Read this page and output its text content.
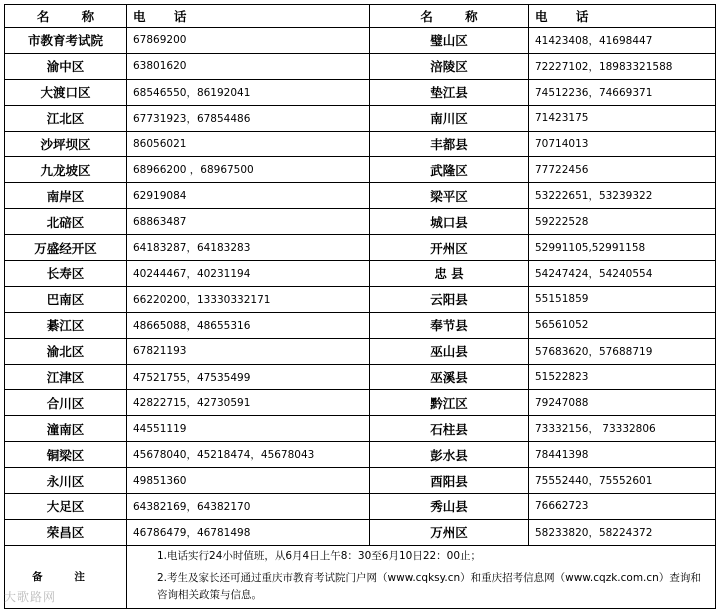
名 称	电 话	名 称	电 话
市教育考试院	67869200	璧山区	41423408，41698447
渝中区	63801620	涪陵区	72227102，18983321588
大渡口区	68546550，86192041	垫江县	74512236，74669371
江北区	67731923，67854486	南川区	71423175
沙坪坝区	86056021	丰都县	70714013
九龙坡区	68966200 ，68967500	武隆区	77722456
南岸区	62919084	梁平区	53222651，53239322
北碚区	68863487	城口县	59222528
万盛经开区	64183287，64183283	开州区	52991105,52991158
长寿区	40244467，40231194	忠 县	54247424，54240554
巴南区	66220200，13330332171	云阳县	55151859
綦江区	48665088，48655316	奉节县	56561052
渝北区	67821193	巫山县	57683620，57688719
江津区	47521755，47535499	巫溪县	51522823
合川区	42822715，42730591	黔江区	79247088
潼南区	44551119	石柱县	73332156， 73332806
铜梁区	45678040，45218474，45678043	彭水县	78441398
永川区	49851360	酉阳县	75552440，75552601
大足区	64382169，64382170	秀山县	76662723
荣昌区	46786479，46781498	万州区	58233820，58224372
备 注	1.电话实行24小时值班，从6月4日上午8：30至6月10日22：00止；

2.考生及家长还可通过重庆市教育考试院门户网（www.cqksy.cn）和重庆招考信息网（www.cqzk.com.cn）查询和咨询相关政策与信息。		

大歌路网
